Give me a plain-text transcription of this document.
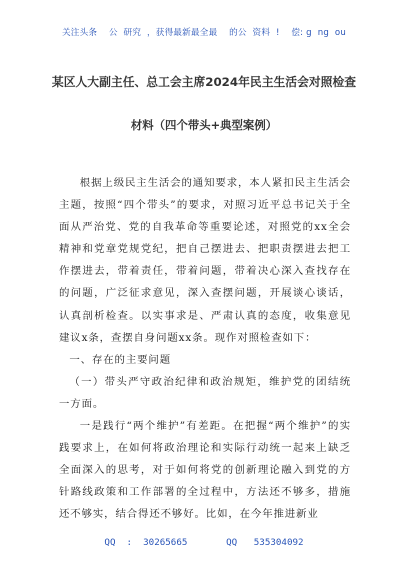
关注头条    公  研究  ，获得最新最全最    的公  资料  !    偿: g  ng  ou
某区人大副主任、总工会主席2024年民主生活会对照检查
材料（四个带头+典型案例）

根据上级民主生活会的通知要求，本人紧扣民主生活会主题，按照“四个带头”的要求，对照习近平总书记关于全面从严治党、党的自我革命等重要论述，对照党的xx全会精神和党章党规党纪，把自己摆进去、把职责摆进去把工作摆进去，带着责任，带着问题，带着决心深入查找存在的问题，广泛征求意见，深入查摆问题，开展谈心谈话，认真剖析检查。以实事求是、严肃认真的态度，收集意见建议x条，查摆自身问题xx条。现作对照检查如下：

一、存在的主要问题

（一）带头严守政治纪律和政治规矩，维护党的团结统一方面。

一是践行“两个维护”有差距。在把握“两个维护”的实践要求上，在如何将政治理论和实际行动统一起来上缺乏全面深入的思考，对于如何将党的创新理论融入到党的方针路线政策和工作部署的全过程中，方法还不够多，措施还不够实，结合得还不够好。比如，在今年推进新业

QQ  :  30265665       QQ   535304092
